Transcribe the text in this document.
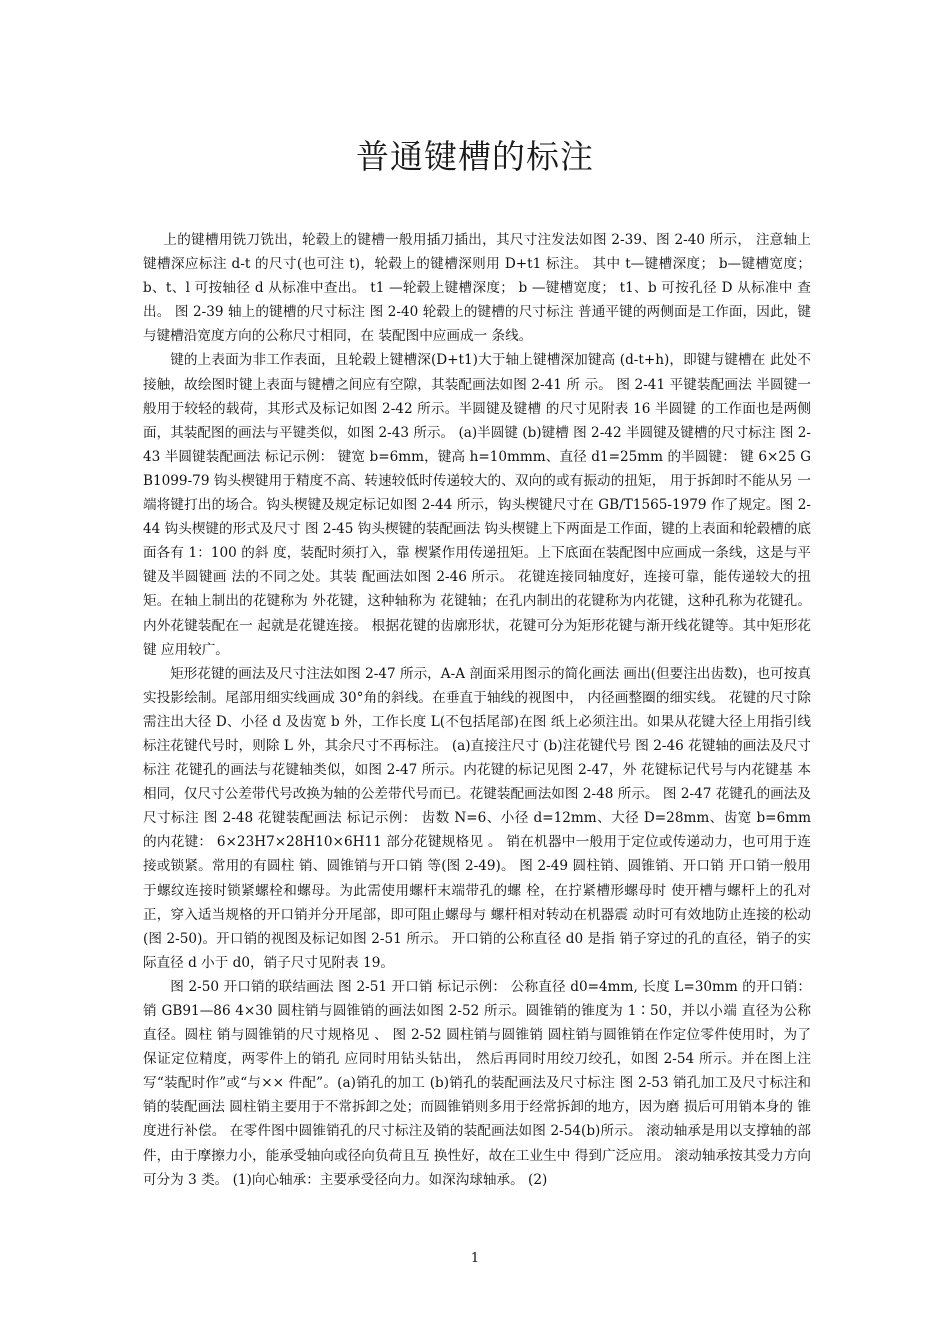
普通键槽的标注

上的键槽用铣刀铣出，轮毂上的键槽一般用插刀插出，其尺寸注发法如图 2-39、图 2-40 所示， 注意轴上键槽深应标注 d-t 的尺寸(也可注 t)，轮毂上的键槽深则用 D+t1 标注。 其中 t—键槽深度； b—键槽宽度； b、t、l 可按轴径 d 从标准中查出。 t1 —轮毂上键槽深度； b —键槽宽度； t1、b 可按孔径 D 从标准中 查出。 图 2-39 轴上的键槽的尺寸标注 图 2-40 轮毂上的键槽的尺寸标注 普通平键的两侧面是工作面，因此，键与键槽沿宽度方向的公称尺寸相同，在 装配图中应画成一 条线。

键的上表面为非工作表面，且轮毂上键槽深(D+t1)大于轴上键槽深加键高 (d-t+h)，即键与键槽在 此处不接触，故绘图时键上表面与键槽之间应有空隙，其装配画法如图 2-41 所 示。 图 2-41 平键装配画法 半圆键一般用于较轻的载荷，其形式及标记如图 2-42 所示。半圆键及键槽 的尺寸见附表 16 半圆键 的工作面也是两侧面，其装配图的画法与平键类似，如图 2-43 所示。 (a)半圆键 (b)键槽 图 2-42 半圆键及键槽的尺寸标注 图 2-43 半圆键装配画法 标记示例： 键宽 b=6mm，键高 h=10mmm、直径 d1=25mm 的半圆键： 键 6×25 GB1099-79 钩头楔键用于精度不高、转速较低时传递较大的、双向的或有振动的扭矩， 用于拆卸时不能从另 一端将键打出的场合。钩头楔键及规定标记如图 2-44 所示，钩头楔键尺寸在 GB/T1565-1979 作了规定。图 2-44 钩头楔键的形式及尺寸 图 2-45 钩头楔键的装配画法 钩头楔键上下两面是工作面，键的上表面和轮毂槽的底面各有 1：100 的斜 度，装配时须打入，靠 楔紧作用传递扭矩。上下底面在装配图中应画成一条线，这是与平键及半圆键画 法的不同之处。其装 配画法如图 2-46 所示。 花键连接同轴度好，连接可靠，能传递较大的扭矩。在轴上制出的花键称为 外花键，这种轴称为 花键轴；在孔内制出的花键称为内花键，这种孔称为花键孔。内外花键装配在一 起就是花键连接。 根据花键的齿廓形状，花键可分为矩形花键与渐开线花键等。其中矩形花键 应用较广。

矩形花键的画法及尺寸注法如图 2-47 所示，A-A 剖面采用图示的简化画法 画出(但要注出齿数)，也可按真实投影绘制。尾部用细实线画成 30°角的斜线。在垂直于轴线的视图中， 内径画整圈的细实线。 花键的尺寸除需注出大径 D、小径 d 及齿宽 b 外，工作长度 L(不包括尾部)在图 纸上必须注出。如果从花键大径上用指引线标注花键代号时，则除 L 外，其余尺寸不再标注。 (a)直接注尺寸 (b)注花键代号 图 2-46 花键轴的画法及尺寸标注 花键孔的画法与花键轴类似，如图 2-47 所示。内花键的标记见图 2-47，外 花键标记代号与内花键基 本相同，仅尺寸公差带代号改换为轴的公差带代号而已。花键装配画法如图 2-48 所示。 图 2-47 花键孔的画法及尺寸标注 图 2-48 花键装配画法 标记示例： 齿数 N=6、小径 d=12mm、大径 D=28mm、齿宽 b=6mm 的内花键： 6×23H7×28H10×6H11 部分花键规格见 。 销在机器中一般用于定位或传递动力，也可用于连接或锁紧。常用的有圆柱 销、圆锥销与开口销 等(图 2-49)。 图 2-49 圆柱销、圆锥销、开口销 开口销一般用于螺纹连接时锁紧螺栓和螺母。为此需使用螺杆末端带孔的螺 栓，在拧紧槽形螺母时 使开槽与螺杆上的孔对正，穿入适当规格的开口销并分开尾部，即可阻止螺母与 螺杆相对转动在机器震 动时可有效地防止连接的松动(图 2-50)。开口销的视图及标记如图 2-51 所示。 开口销的公称直径 d0 是指 销子穿过的孔的直径，销子的实际直径 d 小于 d0，销子尺寸见附表 19。

图 2-50 开口销的联结画法 图 2-51 开口销 标记示例： 公称直径 d0=4mm, 长度 L=30mm 的开口销： 销 GB91—86 4×30 圆柱销与圆锥销的画法如图 2-52 所示。圆锥销的锥度为 1∶50，并以小端 直径为公称直径。圆柱 销与圆锥销的尺寸规格见 、 图 2-52 圆柱销与圆锥销 圆柱销与圆锥销在作定位零件使用时，为了保证定位精度，两零件上的销孔 应同时用钻头钻出， 然后再同时用绞刀绞孔，如图 2-54 所示。并在图上注写“装配时作”或“与×× 件配”。(a)销孔的加工 (b)销孔的装配画法及尺寸标注 图 2-53 销孔加工及尺寸标注和销的装配画法 圆柱销主要用于不常拆卸之处；而圆锥销则多用于经常拆卸的地方，因为磨 损后可用销本身的 锥度进行补偿。 在零件图中圆锥销孔的尺寸标注及销的装配画法如图 2-54(b)所示。 滚动轴承是用以支撑轴的部件，由于摩擦力小，能承受轴向或径向负荷且互 换性好，故在工业生中 得到广泛应用。 滚动轴承按其受力方向可分为 3 类。 (1)向心轴承：主要承受径向力。如深沟球轴承。 (2)

1
